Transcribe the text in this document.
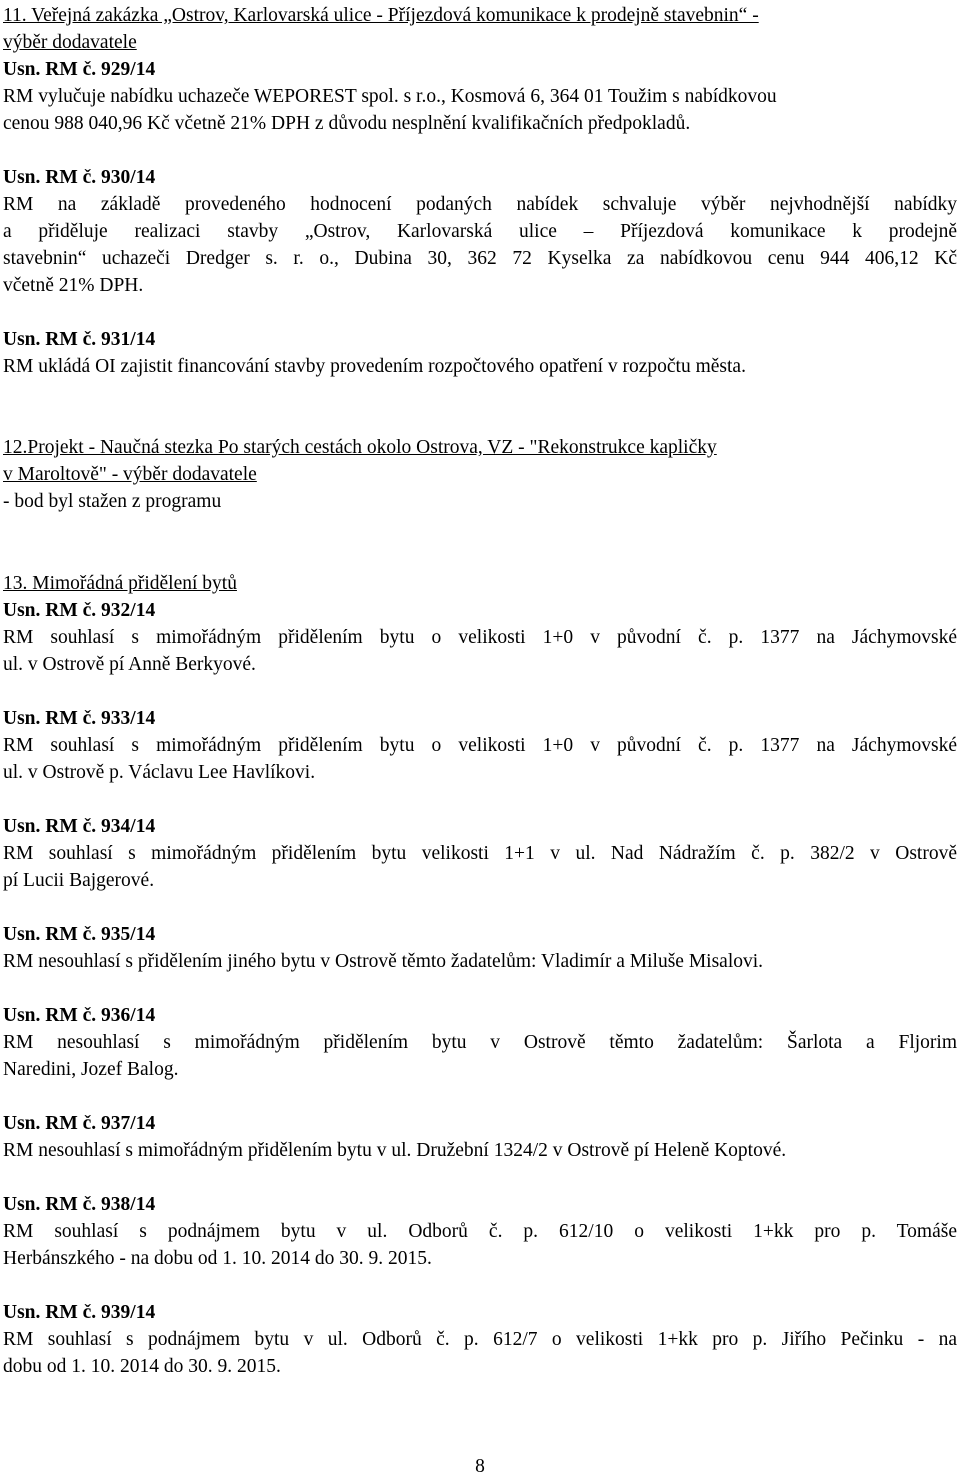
11. Veřejná zakázka „Ostrov, Karlovarská ulice - Příjezdová komunikace k prodejně stavebnin“ -
výběr dodavatele
Usn. RM č. 929/14
RM vylučuje nabídku uchazeče WEPOREST spol. s r.o., Kosmová 6, 364 01 Toužim s nabídkovou
cenou 988 040,96 Kč včetně 21% DPH z důvodu nesplnění kvalifikačních předpokladů.
Usn. RM č. 930/14
RM na základě provedeného hodnocení podaných nabídek schvaluje výběr nejvhodnější nabídky
a přiděluje realizaci stavby „Ostrov, Karlovarská ulice – Příjezdová komunikace k prodejně
stavebnin“ uchazeči Dredger s. r. o., Dubina 30, 362 72 Kyselka za nabídkovou cenu 944 406,12 Kč
včetně 21% DPH.
Usn. RM č. 931/14
RM ukládá OI zajistit financování stavby provedením rozpočtového opatření v rozpočtu města.
12.Projekt - Naučná stezka Po starých cestách okolo Ostrova, VZ - "Rekonstrukce kapličky
v Maroltově" - výběr dodavatele
- bod byl stažen z programu
13. Mimořádná přidělení bytů
Usn. RM č. 932/14
RM souhlasí s mimořádným přidělením bytu o velikosti 1+0 v původní č. p. 1377 na Jáchymovské
ul. v Ostrově pí Anně Berkyové.
Usn. RM č. 933/14
RM souhlasí s mimořádným přidělením bytu o velikosti 1+0 v původní č. p. 1377 na Jáchymovské
ul. v Ostrově p. Václavu Lee Havlíkovi.
Usn. RM č. 934/14
RM souhlasí s mimořádným přidělením bytu velikosti 1+1 v ul. Nad Nádražím č. p. 382/2 v Ostrově
pí Lucii Bajgerové.
Usn. RM č. 935/14
RM nesouhlasí s přidělením jiného bytu v Ostrově těmto žadatelům: Vladimír a Miluše Misalovi.
Usn. RM č. 936/14
RM nesouhlasí s mimořádným přidělením bytu v Ostrově těmto žadatelům: Šarlota a Fljorim
Naredini, Jozef Balog.
Usn. RM č. 937/14
RM nesouhlasí s mimořádným přidělením bytu v ul. Družební 1324/2 v Ostrově pí Heleně Koptové.
Usn. RM č. 938/14
RM souhlasí s podnájmem bytu v ul. Odborů č. p. 612/10 o velikosti 1+kk pro p. Tomáše
Herbánszkého - na dobu od 1. 10. 2014 do 30. 9. 2015.
Usn. RM č. 939/14
RM souhlasí s podnájmem bytu v ul. Odborů č. p. 612/7 o velikosti 1+kk pro p. Jiřího Pečinku - na
dobu od 1. 10. 2014 do 30. 9. 2015.
8
